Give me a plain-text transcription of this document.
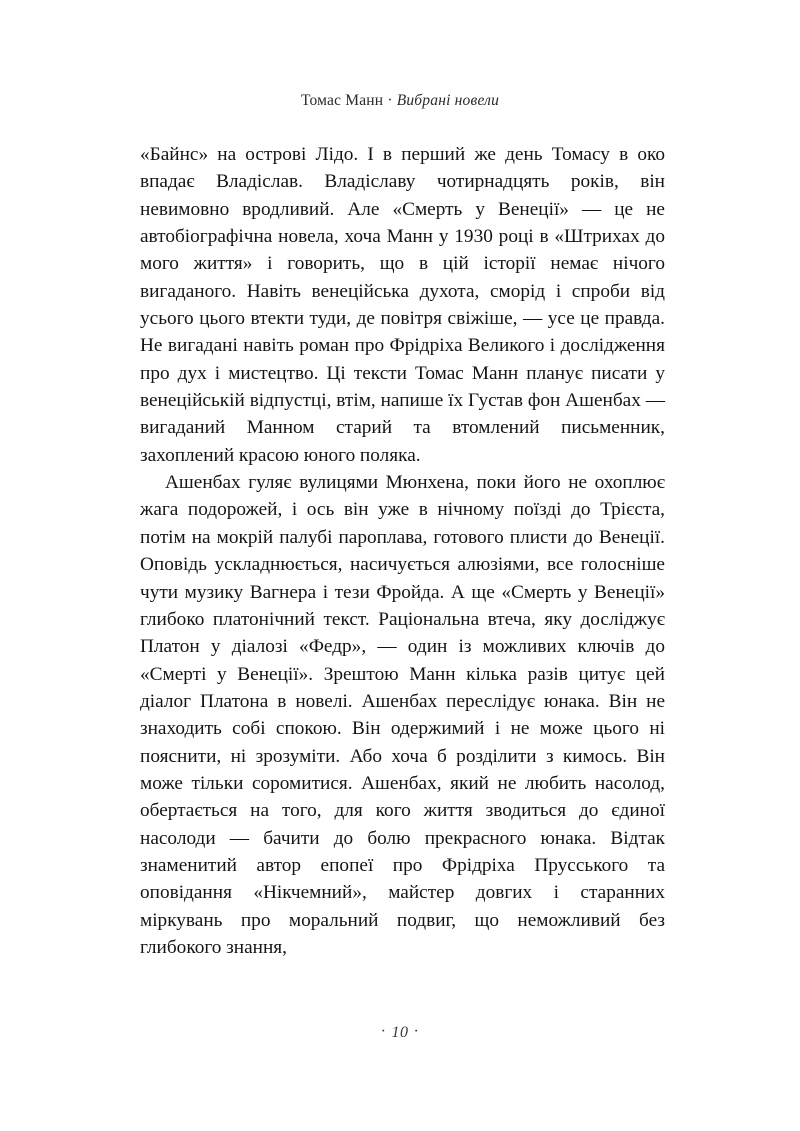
Томас Манн · Вибрані новели

«Байнс» на острові Лідо. І в перший же день Томасу в око впадає Владіслав. Владіславу чотирнадцять років, він невимовно вродливий. Але «Смерть у Венеції» — це не автобіографічна новела, хоча Манн у 1930 році в «Штрихах до мого життя» і говорить, що в цій історії немає нічого вигаданого. Навіть венеційська духота, сморід і спроби від усього цього втекти туди, де повітря свіжіше, — усе це правда. Не вигадані навіть роман про Фрідріха Великого і дослідження про дух і мистецтво. Ці тексти Томас Манн планує писати у венеційській відпустці, втім, напише їх Густав фон Ашенбах — вигаданий Манном старий та втомлений письменник, захоплений красою юного поляка.

Ашенбах гуляє вулицями Мюнхена, поки його не охоплює жага подорожей, і ось він уже в нічному поїзді до Трієста, потім на мокрій палубі пароплава, готового плисти до Венеції. Оповідь ускладнюється, насичується алюзіями, все голосніше чути музику Вагнера і тези Фройда. А ще «Смерть у Венеції» глибоко платонічний текст. Раціональна втеча, яку досліджує Платон у діалозі «Федр», — один із можливих ключів до «Смерті у Венеції». Зрештою Манн кілька разів цитує цей діалог Платона в новелі. Ашенбах переслідує юнака. Він не знаходить собі спокою. Він одержимий і не може цього ні пояснити, ні зрозуміти. Або хоча б розділити з кимось. Він може тільки соромитися. Ашенбах, який не любить насолод, обертається на того, для кого життя зводиться до єдиної насолоди — бачити до болю прекрасного юнака. Відтак знаменитий автор епопеї про Фрідріха Прусського та оповідання «Нікчемний», майстер довгих і старанних міркувань про моральний подвиг, що неможливий без глибокого знання,

· 10 ·
